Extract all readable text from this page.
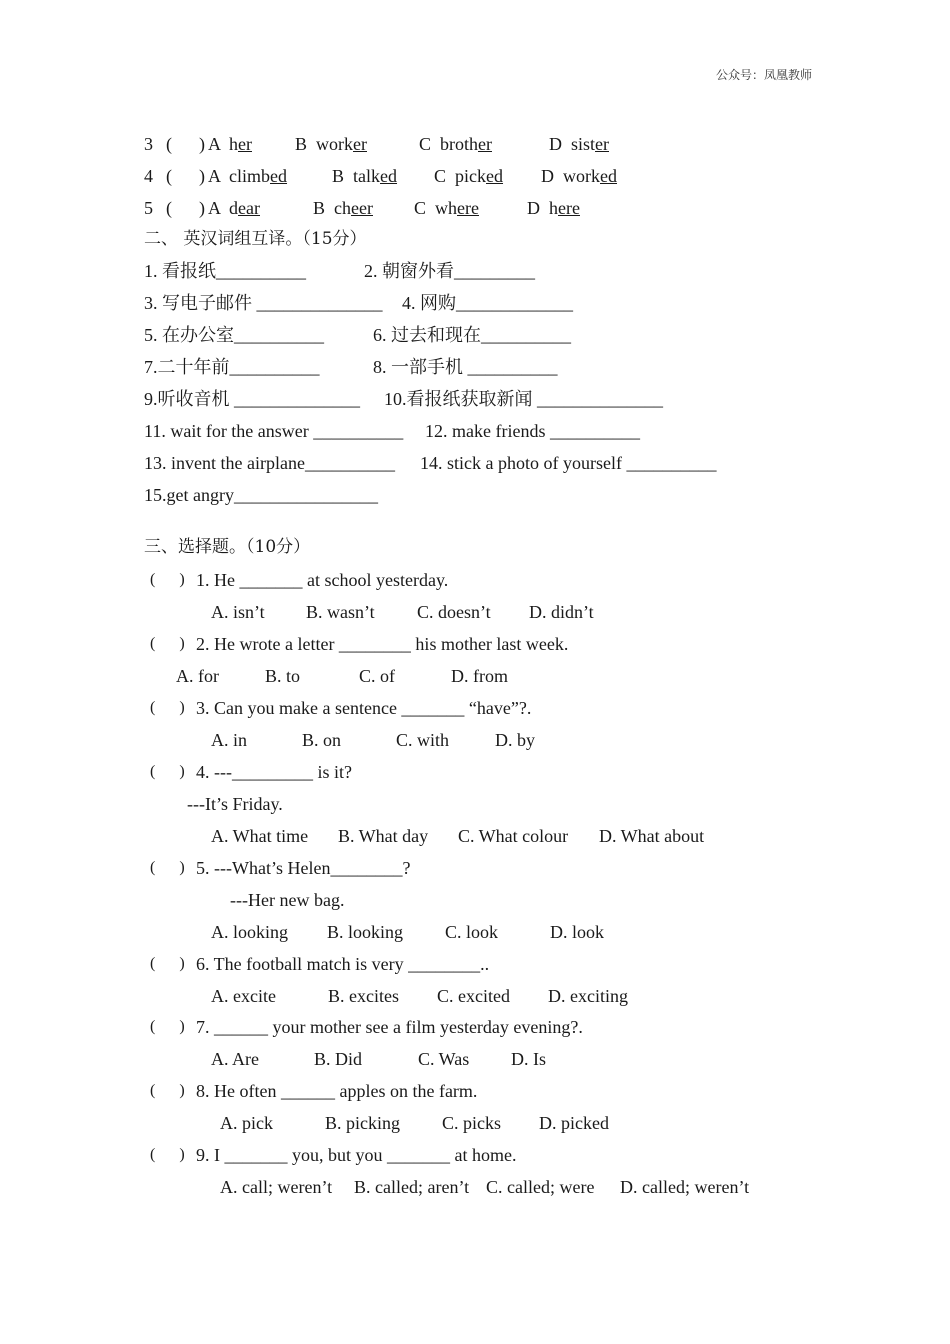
公众号：凤凰教师
3 (      ) A her B worker	C brother	D sister
4 (      ) A climbed B talked C picked D worked
5 (      ) A dear	B cheer C where	D here
二、 英汉词组互译。（15分）
1. 看报纸__________	2. 朝窗外看_________
3. 写电子邮件 ______________ 4. 网购_____________
5. 在办公室__________	6. 过去和现在__________
7.二十年前__________	8. 一部手机 __________
9.听收音机 ______________ 10.看报纸获取新闻 ______________
11. wait for the answer __________ 12. make friends __________
13. invent the airplane__________ 14. stick a photo of yourself __________
15.get angry________________
三、选择题。（10分）
(      ) 1. He _______ at school yesterday.
A. isn’t B. wasn’t C. doesn’t D. didn’t
(      ) 2. He wrote a letter ________ his mother last week.
A. for	B. to	C. of	D. from
(      ) 3. Can you make a sentence _______ “have”?.
A. in	B. on	C. with	D. by
(      ) 4. ---_________ is it?
---It’s Friday.
A. What time B. What day C. What colour D. What about
(      ) 5. ---What’s Helen________?
---Her new bag.
A. looking B. looking C. look	D. look
(      ) 6. The football match is very ________..
A. excite	B. excites C. excited D. exciting
(      ) 7. ______ your mother see a film yesterday evening?.
A. Are	B. Did	C. Was D. Is
(      ) 8. He often ______ apples on the farm.
A. pick	B. picking C. picks D. picked
(      ) 9. I _______ you, but you _______ at home.
A. call; weren’t B. called; aren’t C. called; were D. called; weren’t
